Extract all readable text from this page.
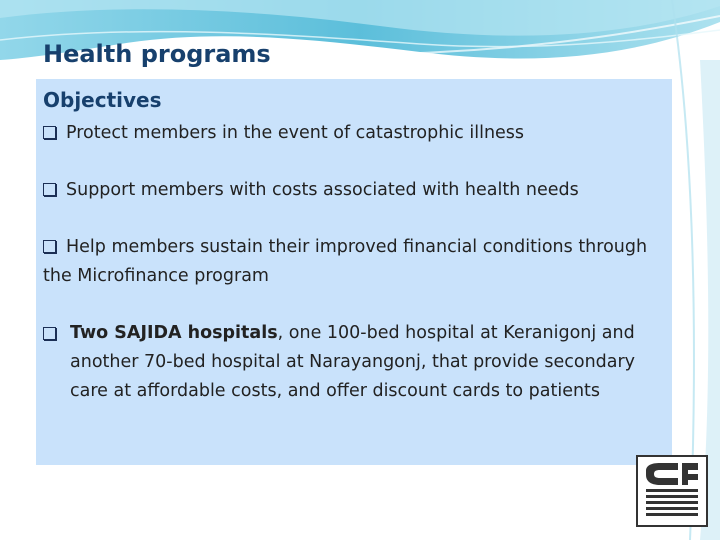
Health programs
Objectives
Protect members in the event of catastrophic illness
Support members with costs associated with health needs
Help members sustain their improved financial conditions through the Microfinance program
Two SAJIDA hospitals, one 100-bed hospital at Keranigonj and another 70-bed hospital at Narayangonj, that provide secondary care at affordable costs, and offer discount cards to patients
